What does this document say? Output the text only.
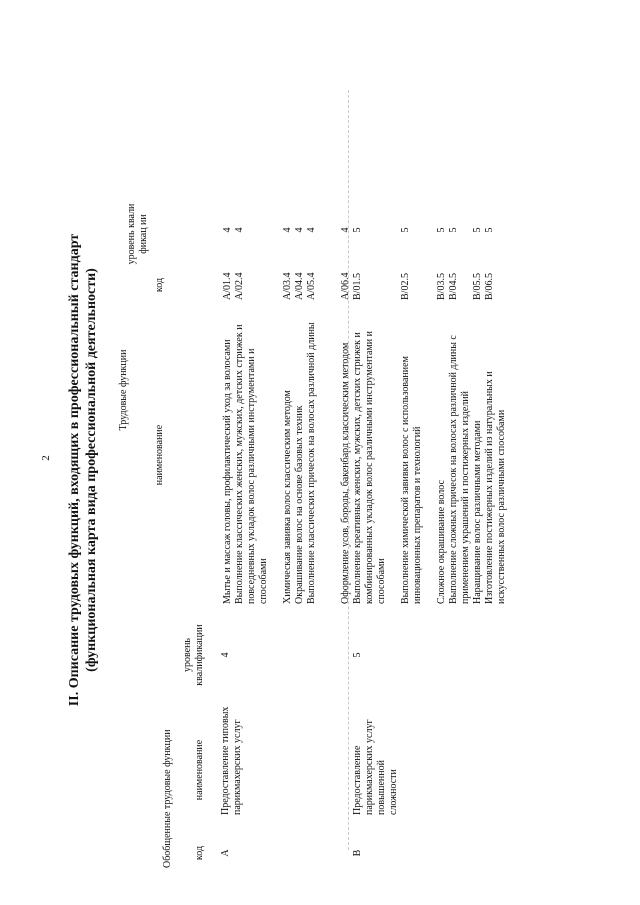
2 II. Описание трудовых функций, входящих в профессиональный стандарт (функциональная карта вида профессиональной деятельности) Трудовые функции
Обобщенные трудовые функции
код
уровень квалификац ии
наименование
код
наименование
уровень квалификации
A
Предоставление типовых парикмахерских услуг
4
Мытье и массаж головы, профилактический уход за волосами
A/01.4
4
Выполнение классических женских, мужских, детских стрижек и повседневных укладок волос различными инструментами и способами
A/02.4
4
Химическая завивка волос классическим методом
A/03.4
4
Окрашивание волос на основе базовых техник
A/04.4
4
Выполнение классических причесок на волосах различной длины
A/05.4
4
Оформление усов, бороды, бакенбард классическим методом
A/06.4
4
B
Предоставление парикмахерских услуг повышенной сложности
5
Выполнение креативных женских, мужских, детских стрижек и комбинированных укладок волос различными инструментами и способами
B/01.5
5
Выполнение химической завивки волос с использованием инновационных препаратов и технологий
B/02.5
5
Сложное окрашивание волос
B/03.5
5
Выполнение сложных причесок на волосах различной длины с применением украшений и постижерных изделий
B/04.5
5
Наращивание волос различными методами
B/05.5
5
Изготовление постижерных изделий из натуральных и искусственных волос различными способами
B/06.5
5
